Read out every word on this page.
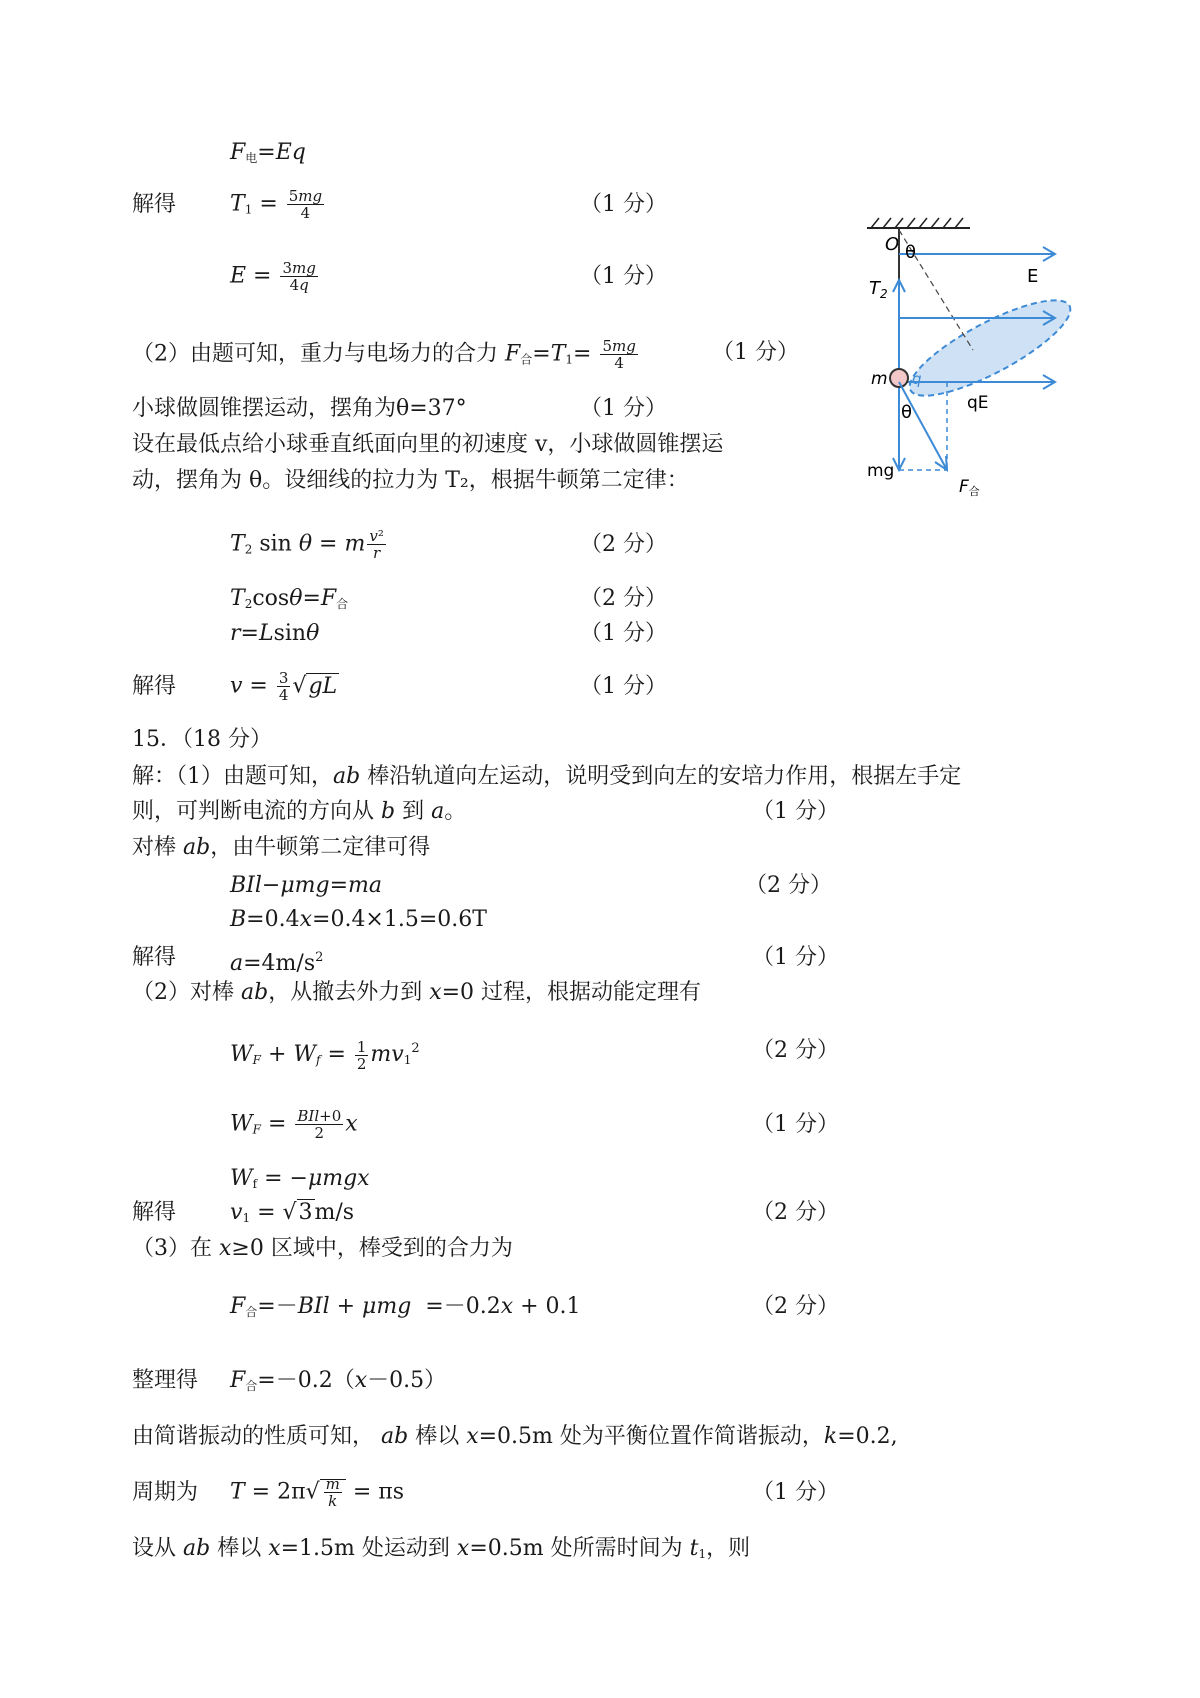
$F_电=Eq$
解得 $T_1 = \frac{5mg}{4}$	（1 分）
$E = \frac{3mg}{4q}$	（1 分）
（2）由题可知，重力与电场力的合力 $F_合=T_1= \frac{5mg}{4}$	（1 分）
小球做圆锥摆运动，摆角为θ=37°	（1 分）
设在最低点给小球垂直纸面向里的初速度 v，小球做圆锥摆运
动，摆角为 θ。设细线的拉力为 T₂，根据牛顿第二定律：
$T_2$ sin θ = m $\frac{\text{v²}}{r}$	（2 分）
$T_2\cos\theta=F_合$	（2 分）
r=Lsinθ	（1 分）
解得 $v = \frac{3}{4} √gL$	（1 分）
15．（18 分）
解：（1）由题可知，ab 棒沿轨道向左运动，说明受到向左的安培力作用，根据左手定
则，可判断电流的方向从 b 到 a。	（1 分）
对棒 ab，由牛顿第二定律可得
BIl−μmg=ma	（2 分）
B=0.4x=0.4×1.5=0.6T
解得 $a=4m/s^2$	（1 分）
（2）对棒 ab，从撤去外力到 x=0 过程，根据动能定理有
$W_F + W_f = \frac{1}{2} mv_1^2$	（2 分）
$W_F = \frac{\text{BIl+0}}{2}$ x	（1 分）
$W_f = -\mu mgx$
解得 $v_1 = √3m/s$	（2 分）
（3）在 x≥0 区域中，棒受到的合力为
$F_合=-BIl + \mu mg =-0.2x + 0.1$	（2 分）
整理得 $F_合=-0.2(x-0.5)$
由简谐振动的性质可知， ab 棒以 x=0.5m 处为平衡位置作简谐振动，k=0.2,
周期为 $T = 2\pi√ \frac{m}{k} = \pi s$	（1 分）
设从 ab 棒以 x=1.5m 处运动到 x=0.5m 处所需时间为 $t_1$，则
O θ
E
$T_2$
m q
θ
mg
qE
F合
